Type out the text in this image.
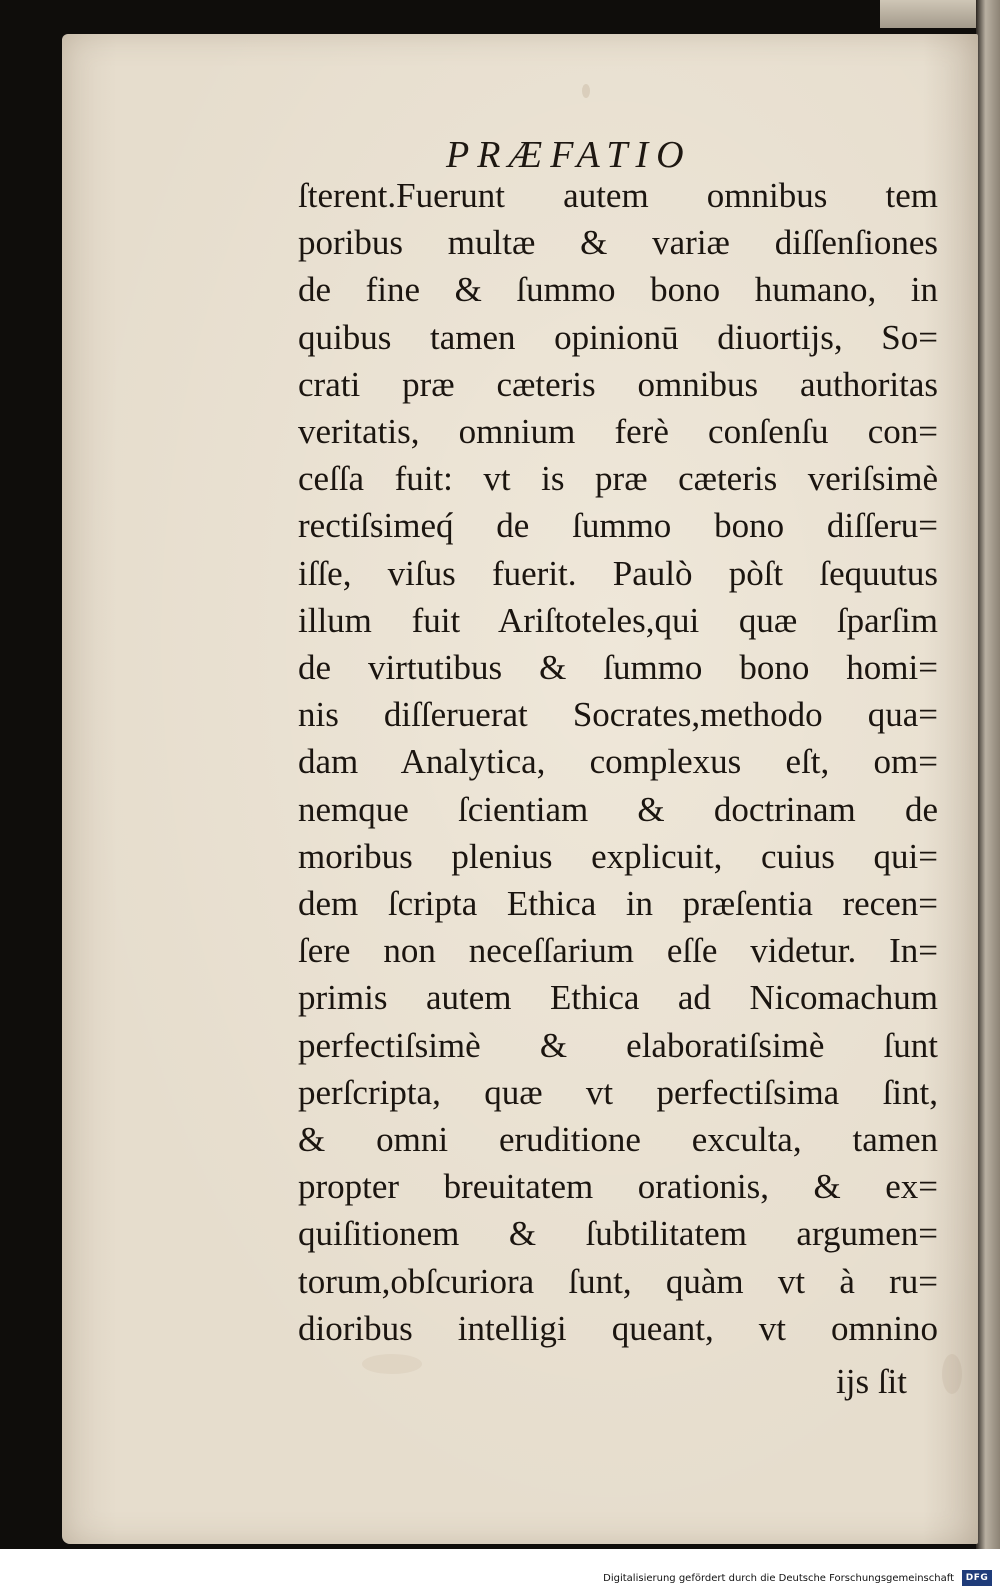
PRÆFATIO
ſterent.Fuerunt autem omnibus tem
poribus multæ & variæ diſſenſiones
de fine & ſummo bono humano, in
quibus tamen opinionū diuortijs, So=
crati præ cæteris omnibus authoritas
veritatis, omnium ferè conſenſu con=
ceſſa fuit: vt is præ cæteris veriſsimè
rectiſsimeq́ de ſummo bono diſſeru=
iſſe, viſus fuerit. Paulò pòſt ſequutus
illum fuit Ariſtoteles,qui quæ ſparſim
de virtutibus & ſummo bono homi=
nis diſſeruerat Socrates,methodo qua=
dam Analytica, complexus eſt, om=
nemque ſcientiam & doctrinam de
moribus plenius explicuit, cuius qui=
dem ſcripta Ethica in præſentia recen=
ſere non neceſſarium eſſe videtur. In=
primis autem Ethica ad Nicomachum
perfectiſsimè & elaboratiſsimè ſunt
perſcripta, quæ vt perfectiſsima ſint,
& omni eruditione exculta, tamen
propter breuitatem orationis, & ex=
quiſitionem & ſubtilitatem argumen=
torum,obſcuriora ſunt, quàm vt à ru=
dioribus intelligi queant, vt omnino
ijs ſit
Digitalisierung gefördert durch die Deutsche Forschungsgemeinschaft	DFG
